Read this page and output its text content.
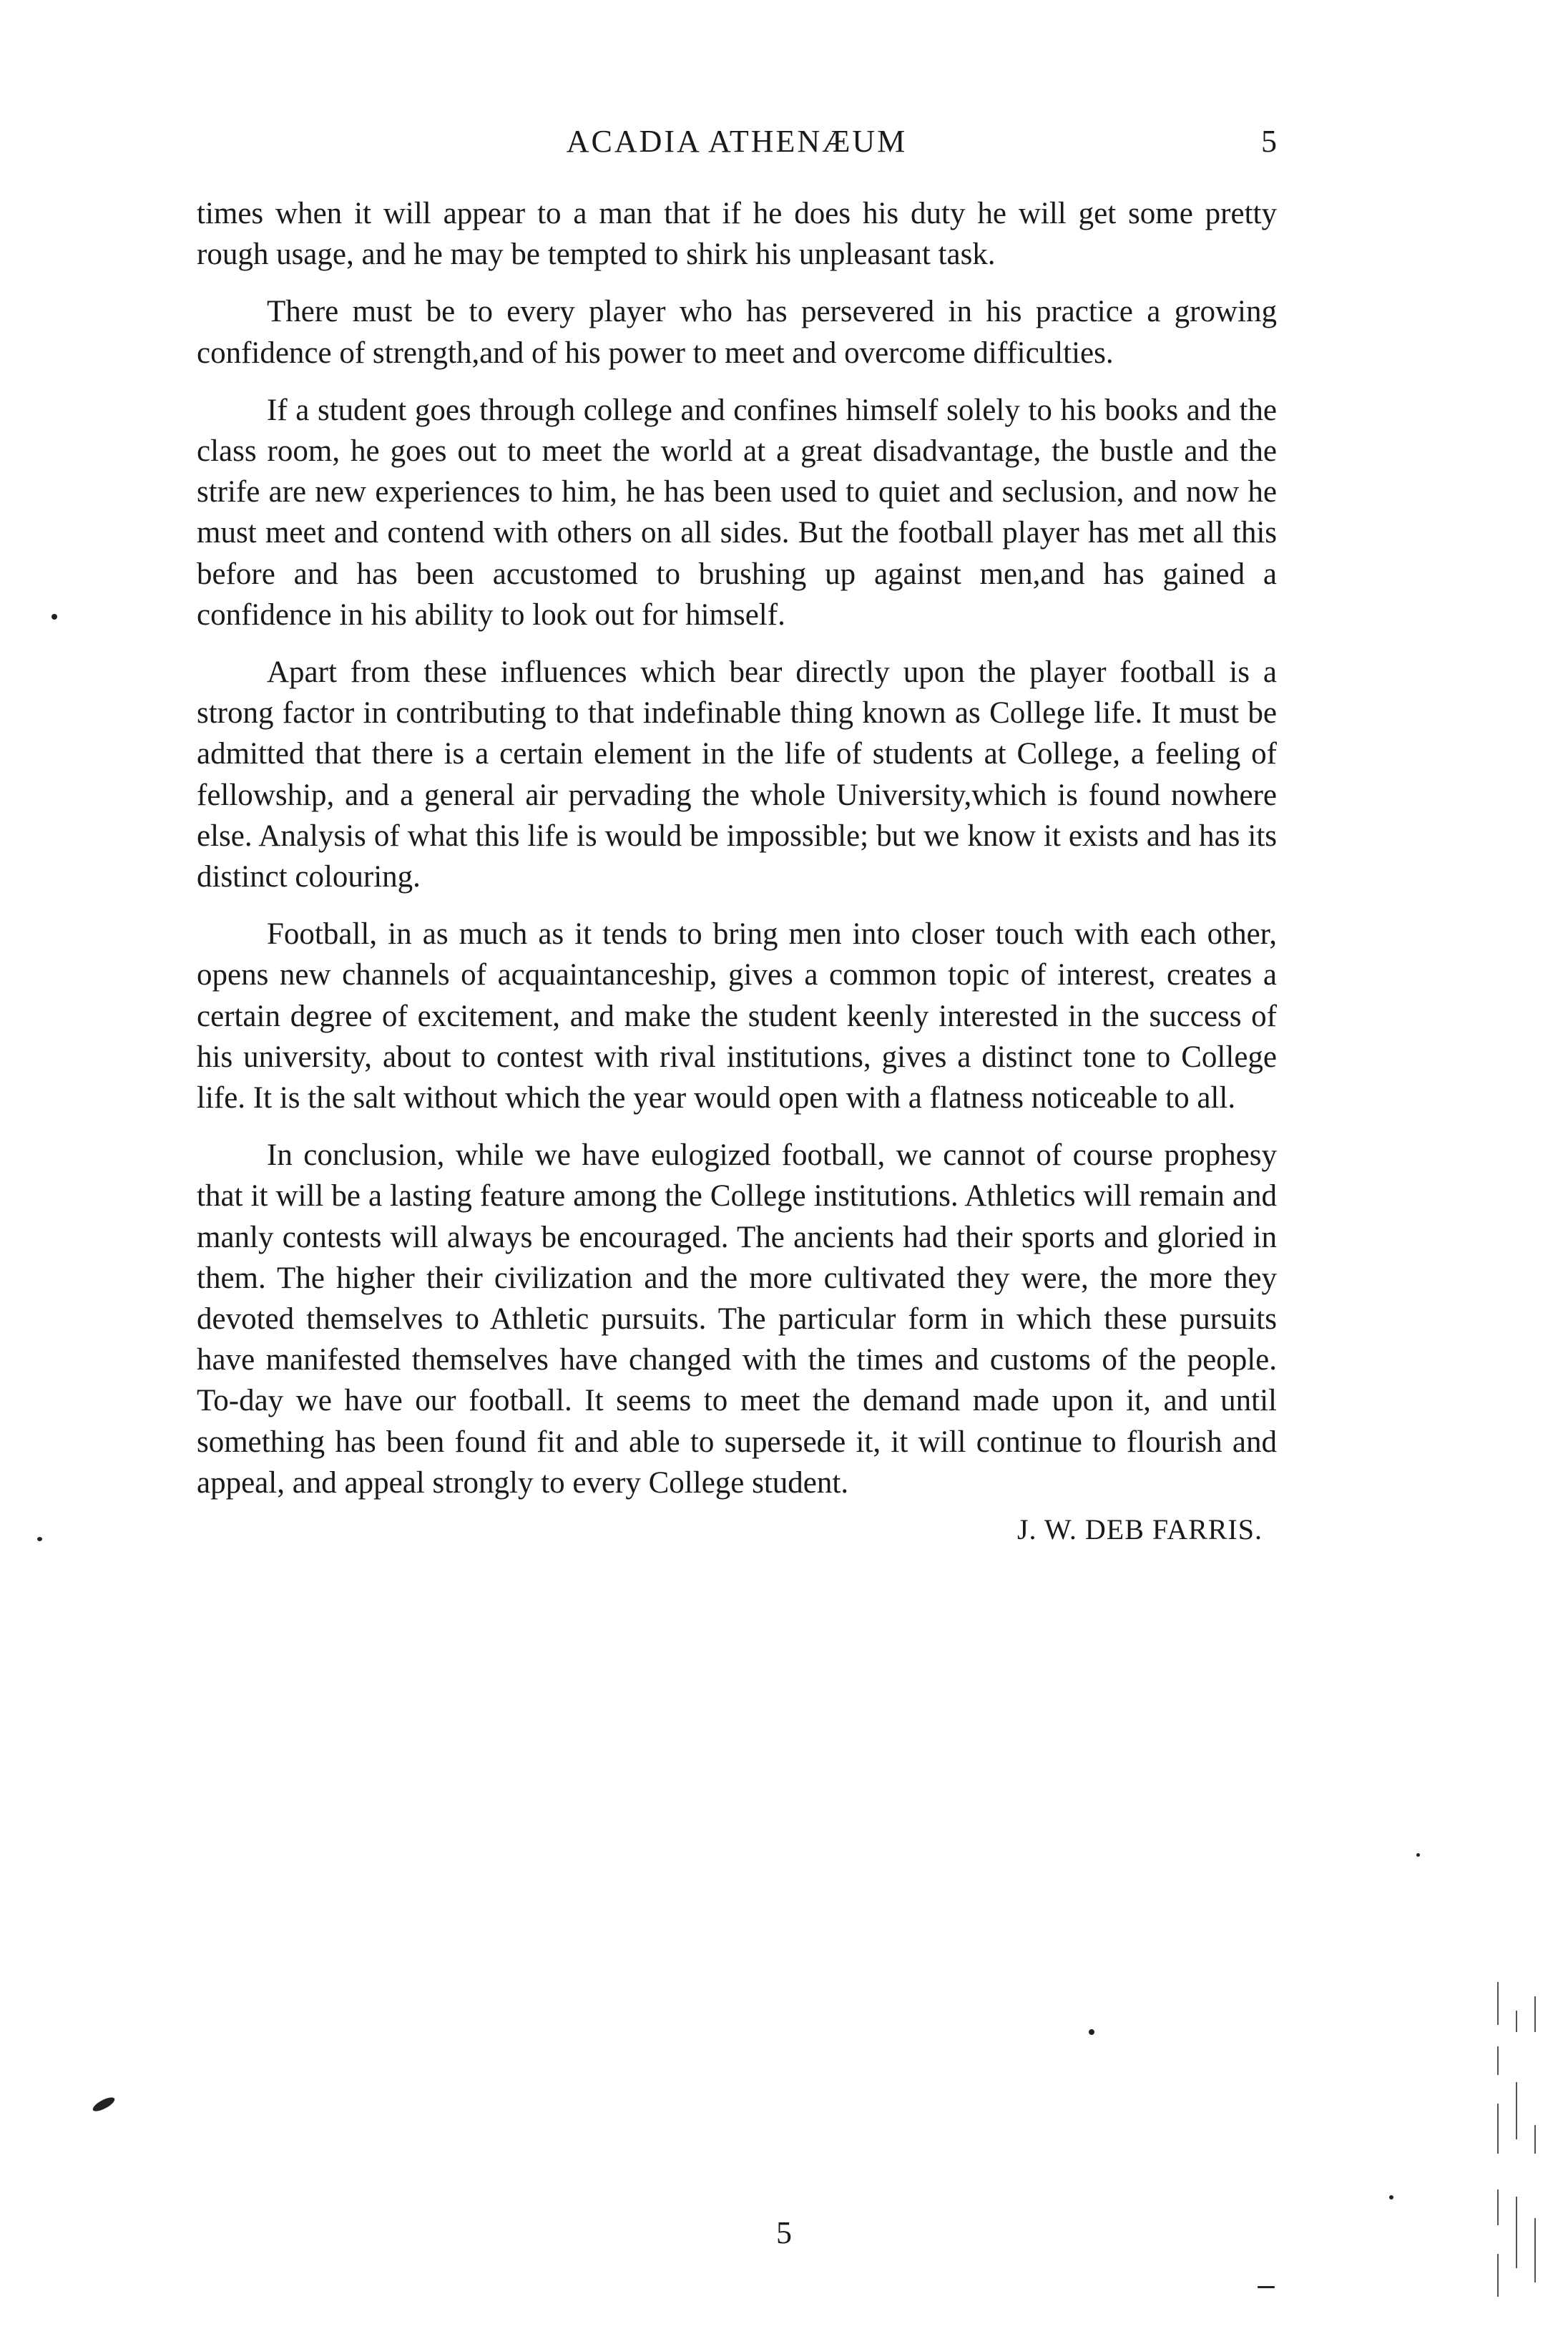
ACADIA ATHENÆUM	5

times when it will appear to a man that if he does his duty he will get some pretty rough usage, and he may be tempted to shirk his unpleasant task.

There must be to every player who has persevered in his practice a growing confidence of strength,and of his power to meet and overcome difficulties.

If a student goes through college and confines himself solely to his books and the class room, he goes out to meet the world at a great disadvantage, the bustle and the strife are new experiences to him, he has been used to quiet and seclusion, and now he must meet and contend with others on all sides. But the football player has met all this before and has been accustomed to brushing up against men,and has gained a confidence in his ability to look out for himself.

Apart from these influences which bear directly upon the player football is a strong factor in contributing to that indefinable thing known as College life. It must be admitted that there is a certain element in the life of students at College, a feeling of fellowship, and a general air pervading the whole University,which is found nowhere else. Analysis of what this life is would be impossible; but we know it exists and has its distinct colouring.

Football, in as much as it tends to bring men into closer touch with each other, opens new channels of acquaintanceship, gives a common topic of interest, creates a certain degree of excitement, and make the student keenly interested in the success of his university, about to contest with rival institutions, gives a distinct tone to College life. It is the salt without which the year would open with a flatness noticeable to all.

In conclusion, while we have eulogized football, we cannot of course prophesy that it will be a lasting feature among the College institutions. Athletics will remain and manly contests will always be encouraged. The ancients had their sports and gloried in them. The higher their civilization and the more cultivated they were, the more they devoted themselves to Athletic pursuits. The particular form in which these pursuits have manifested themselves have changed with the times and customs of the people. To-day we have our football. It seems to meet the demand made upon it, and until something has been found fit and able to supersede it, it will continue to flourish and appeal, and appeal strongly to every College student.

J. W. DEB FARRIS.
5
